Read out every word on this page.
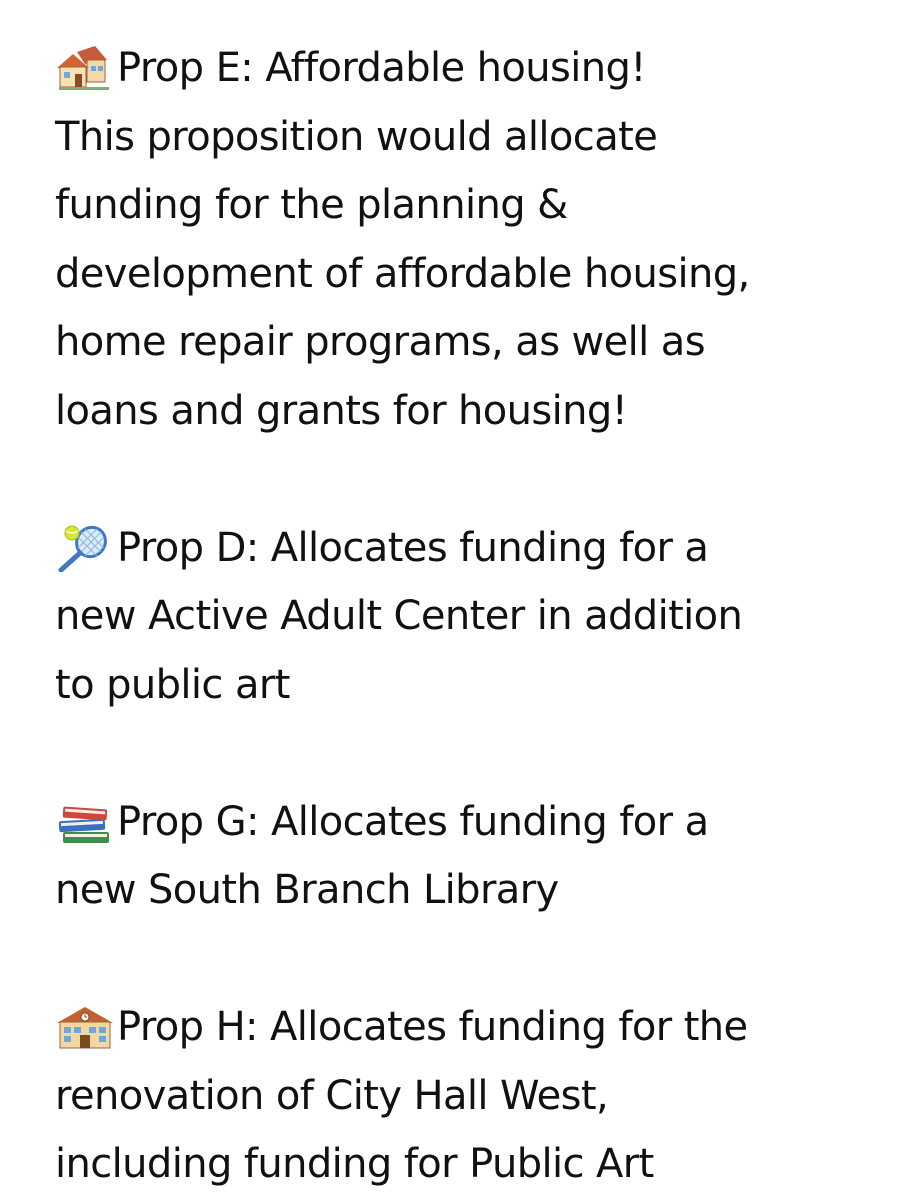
Prop E: Affordable housing!
This proposition would allocate
funding for the planning &
development of affordable housing,
home repair programs, as well as
loans and grants for housing!
Prop D: Allocates funding for a
new Active Adult Center in addition
to public art
Prop G: Allocates funding for a
new South Branch Library
Prop H: Allocates funding for the
renovation of City Hall West,
including funding for Public Art
